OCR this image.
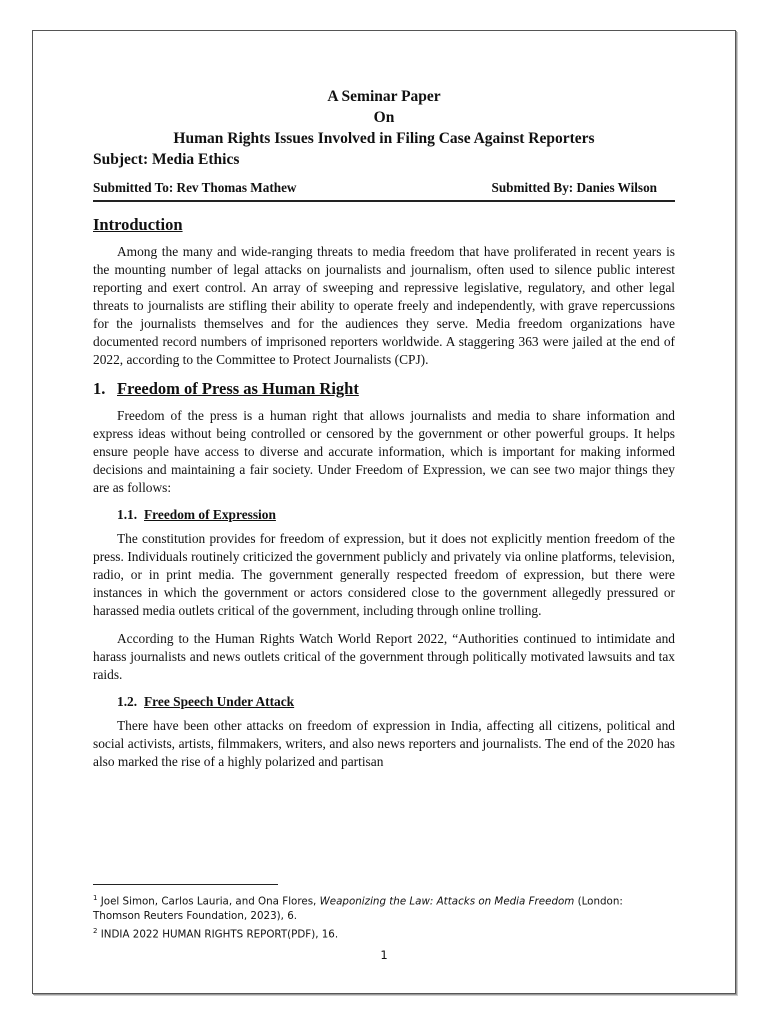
A Seminar Paper

On

Human Rights Issues Involved in Filing Case Against Reporters

Subject: Media Ethics

Submitted To: Rev Thomas Mathew	Submitted By: Danies Wilson
Introduction

Among the many and wide-ranging threats to media freedom that have proliferated in recent years is the mounting number of legal attacks on journalists and journalism, often used to silence public interest reporting and exert control. An array of sweeping and repressive legislative, regulatory, and other legal threats to journalists are stifling their ability to operate freely and independently, with grave repercussions for the journalists themselves and for the audiences they serve. Media freedom organizations have documented record numbers of imprisoned reporters worldwide. A staggering 363 were jailed at the end of 2022, according to the Committee to Protect Journalists (CPJ).

1. Freedom of Press as Human Right

Freedom of the press is a human right that allows journalists and media to share information and express ideas without being controlled or censored by the government or other powerful groups. It helps ensure people have access to diverse and accurate information, which is important for making informed decisions and maintaining a fair society. Under Freedom of Expression, we can see two major things they are as follows:

1.1. Freedom of Expression

The constitution provides for freedom of expression, but it does not explicitly mention freedom of the press. Individuals routinely criticized the government publicly and privately via online platforms, television, radio, or in print media. The government generally respected freedom of expression, but there were instances in which the government or actors considered close to the government allegedly pressured or harassed media outlets critical of the government, including through online trolling.

According to the Human Rights Watch World Report 2022, “Authorities continued to intimidate and harass journalists and news outlets critical of the government through politically motivated lawsuits and tax raids.

1.2. Free Speech Under Attack

There have been other attacks on freedom of expression in India, affecting all citizens, political and social activists, artists, filmmakers, writers, and also news reporters and journalists. The end of the 2020 has also marked the rise of a highly polarized and partisan

$^1$ Joel Simon, Carlos Lauria, and Ona Flores, Weaponizing the Law: Attacks on Media Freedom (London:
Thomson Reuters Foundation, 2023), 6.
$^2$ INDIA 2022 HUMAN RIGHTS REPORT(PDF), 16.
1
